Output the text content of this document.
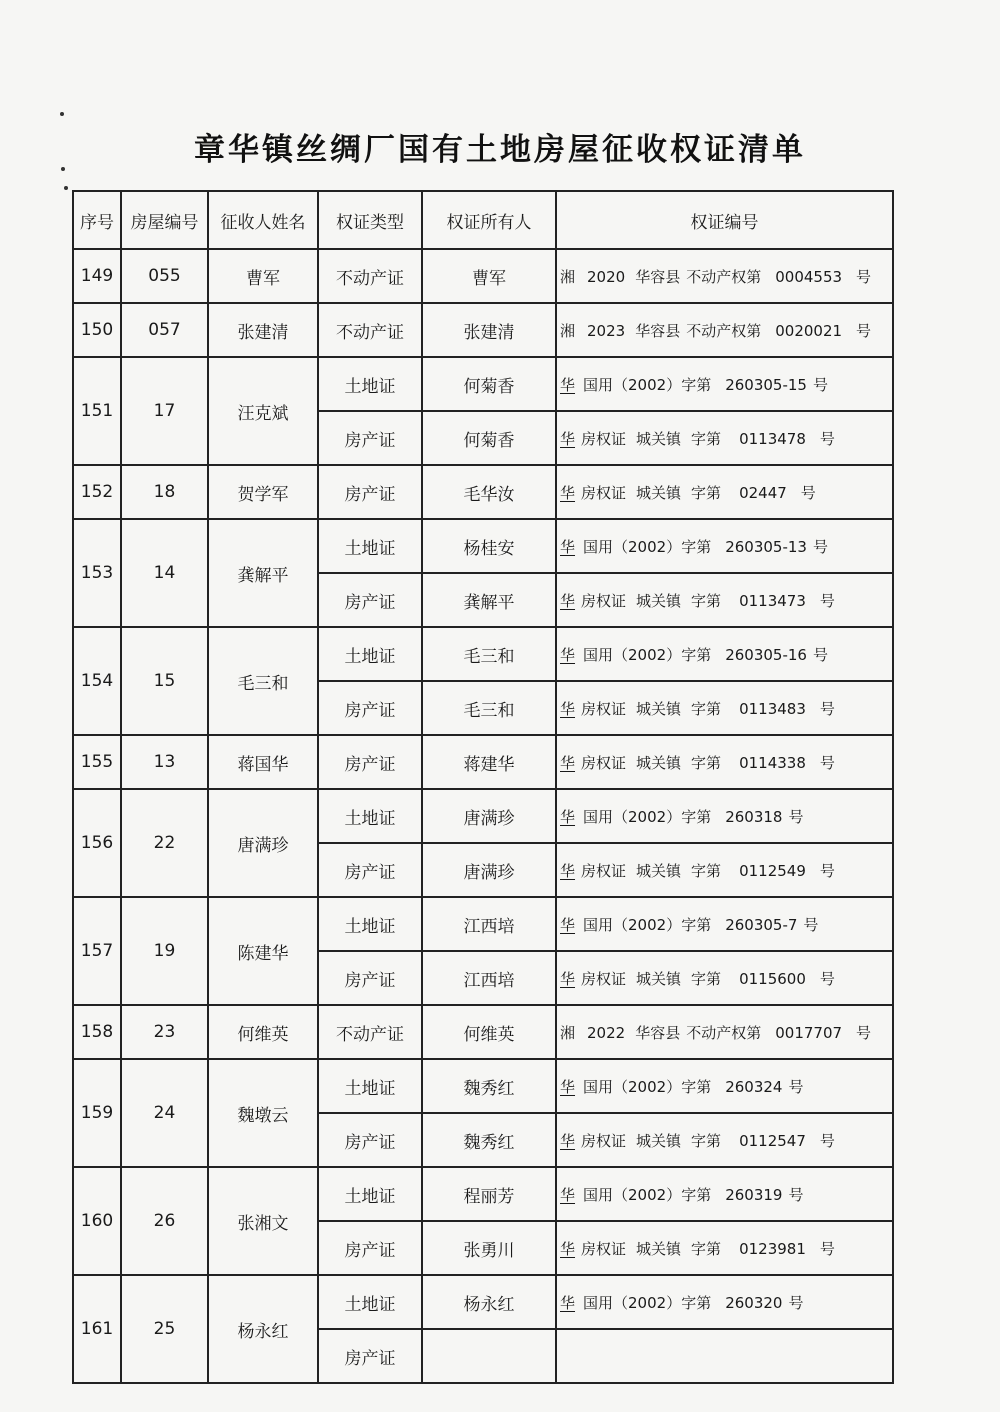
章华镇丝绸厂国有土地房屋征收权证清单
序号	房屋编号	征收人姓名	权证类型	权证所有人	权证编号
149	055	曹军	不动产证	曹军	湘 2020 华容县 不动产权第 0004553 号
150	057	张建清	不动产证	张建清	湘 2023 华容县 不动产权第 0020021 号
151	17	汪克斌	土地证	何菊香	华 国用（2002）字第 260305-15 号
			房产证	何菊香	华 房权证 城关镇 字第 0113478 号
152	18	贺学军	房产证	毛华汝	华 房权证 城关镇 字第 02447 号
153	14	龚解平	土地证	杨桂安	华 国用（2002）字第 260305-13 号
			房产证	龚解平	华 房权证 城关镇 字第 0113473 号
154	15	毛三和	土地证	毛三和	华 国用（2002）字第 260305-16 号
			房产证	毛三和	华 房权证 城关镇 字第 0113483 号
155	13	蒋国华	房产证	蒋建华	华 房权证 城关镇 字第 0114338 号
156	22	唐满珍	土地证	唐满珍	华 国用（2002）字第 260318 号
			房产证	唐满珍	华 房权证 城关镇 字第 0112549 号
157	19	陈建华	土地证	江西培	华 国用（2002）字第 260305-7 号
			房产证	江西培	华 房权证 城关镇 字第 0115600 号
158	23	何维英	不动产证	何维英	湘 2022 华容县 不动产权第 0017707 号
159	24	魏墩云	土地证	魏秀红	华 国用（2002）字第 260324 号
			房产证	魏秀红	华 房权证 城关镇 字第 0112547 号
160	26	张湘文	土地证	程丽芳	华 国用（2002）字第 260319 号
			房产证	张勇川	华 房权证 城关镇 字第 0123981 号
161	25	杨永红	土地证	杨永红	华 国用（2002）字第 260320 号
			房产证		
